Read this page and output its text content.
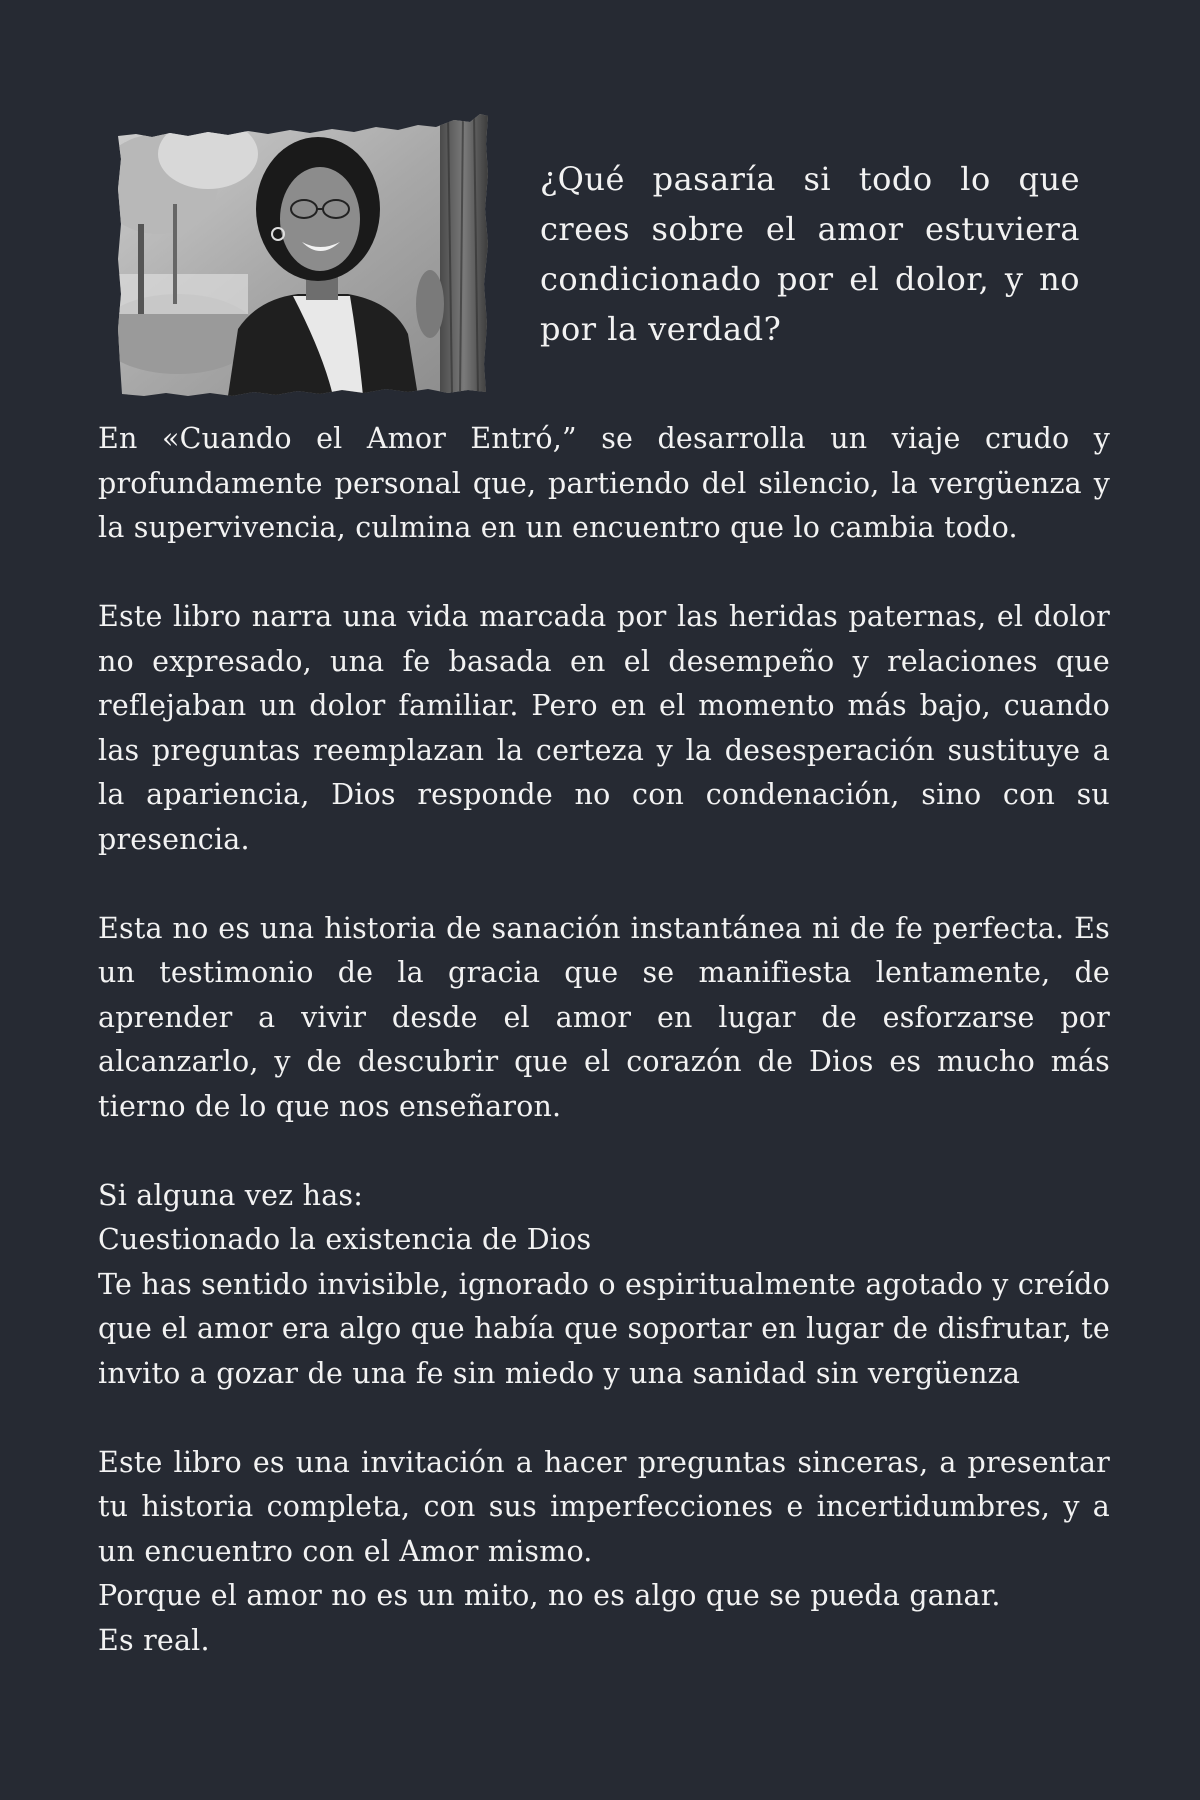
¿Qué pasaría si todo lo que crees sobre el amor estuviera condicionado por el dolor, y no por la verdad?

En «Cuando el Amor Entró,” se desarrolla un viaje crudo y profundamente personal que, partiendo del silencio, la vergüenza y la supervivencia, culmina en un encuentro que lo cambia todo.

Este libro narra una vida marcada por las heridas paternas, el dolor no expresado, una fe basada en el desempeño y relaciones que reflejaban un dolor familiar. Pero en el momento más bajo, cuando las preguntas reemplazan la certeza y la desesperación sustituye a la apariencia, Dios responde no con condenación, sino con su presencia.

Esta no es una historia de sanación instantánea ni de fe perfecta. Es un testimonio de la gracia que se manifiesta lentamente, de aprender a vivir desde el amor en lugar de esforzarse por alcanzarlo, y de descubrir que el corazón de Dios es mucho más tierno de lo que nos enseñaron.

Si alguna vez has:
Cuestionado la existencia de Dios
Te has sentido invisible, ignorado o espiritualmente agotado y creído que el amor era algo que había que soportar en lugar de disfrutar, te invito a gozar de una fe sin miedo y una sanidad sin vergüenza
Este libro es una invitación a hacer preguntas sinceras, a presentar tu historia completa, con sus imperfecciones e incertidumbres, y a un encuentro con el Amor mismo.
Porque el amor no es un mito, no es algo que se pueda ganar.
Es real.
